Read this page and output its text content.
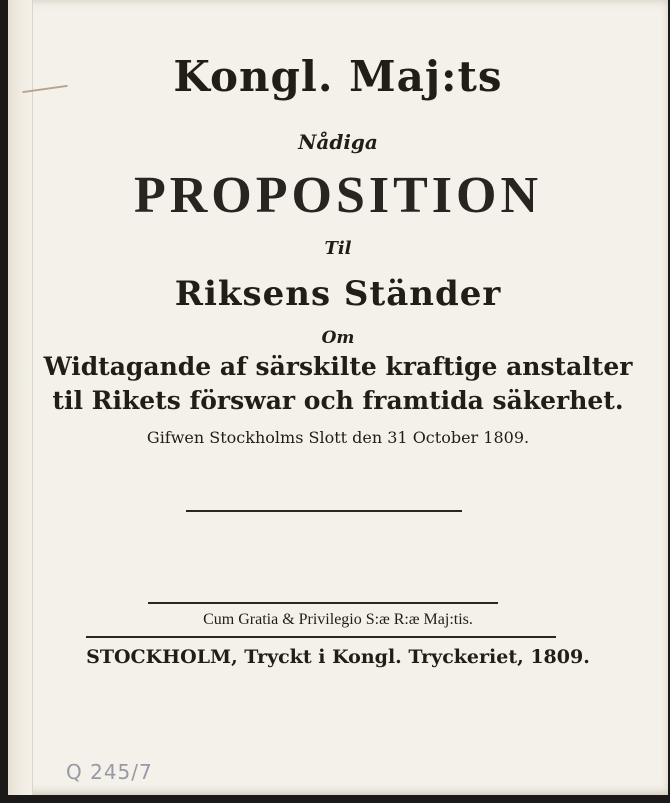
Kongl. Maj:ts
Nådiga
PROPOSITION
Til
Riksens Ständer
Om
Widtagande af särskilte kraftige anstalter
til Rikets förswar och framtida säkerhet.
Gifwen Stockholms Slott den 31 October 1809.
Cum Gratia & Privilegio S:æ R:æ Maj:tis.
STOCKHOLM, Tryckt i Kongl. Tryckeriet, 1809.
Q 245/7
